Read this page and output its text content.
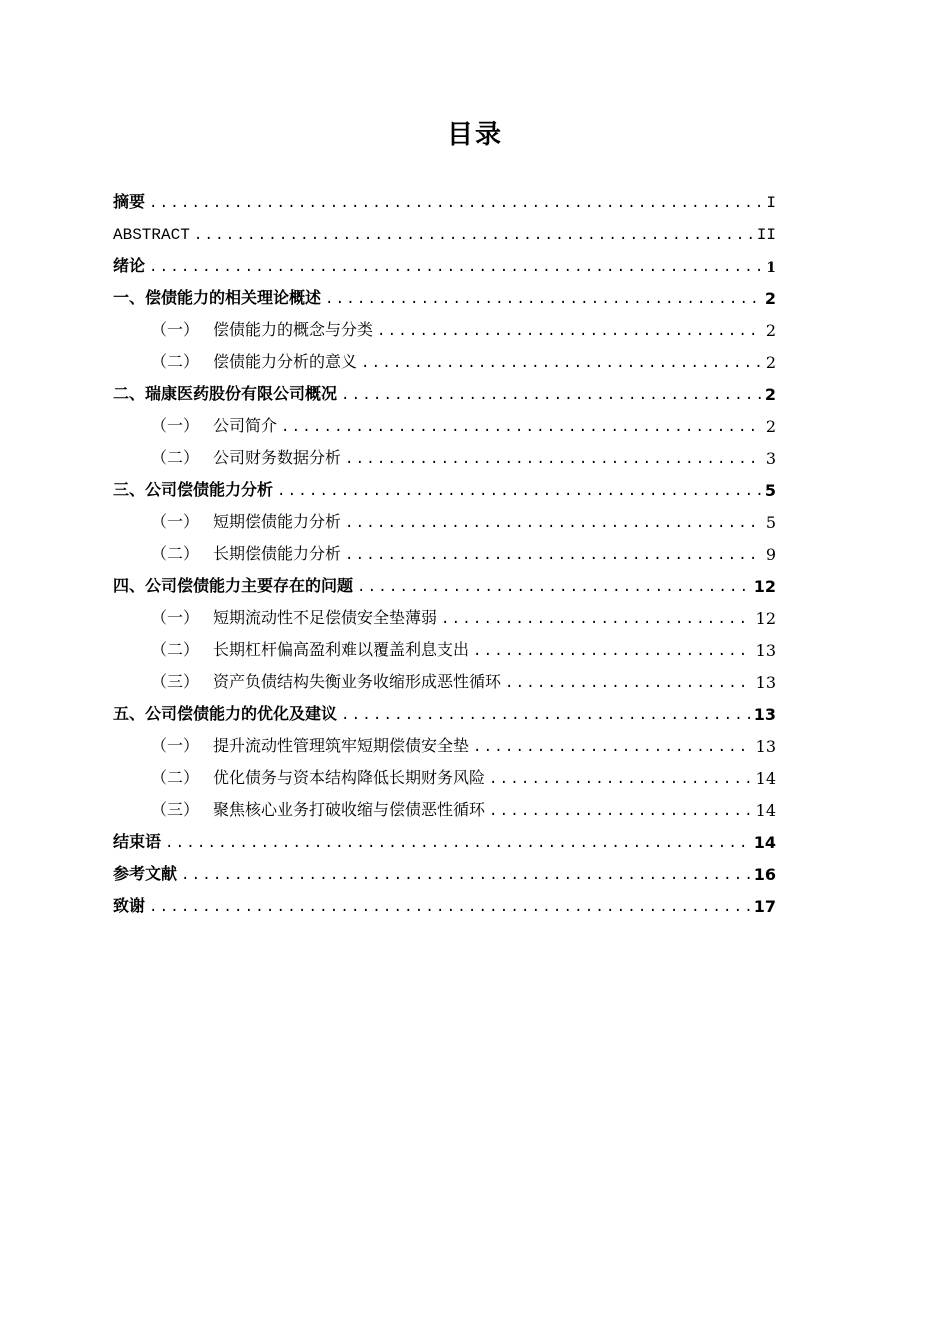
目录
摘要 .....	I
ABSTRACT .....	II
绪论 .....	1
一、偿债能力的相关理论概述 .....	2
（一） 偿债能力的概念与分类 .....	2
（二） 偿债能力分析的意义 .....	2
二、瑞康医药股份有限公司概况 .....	2
（一） 公司简介 .....	2
（二） 公司财务数据分析 .....	3
三、公司偿债能力分析 .....	5
（一） 短期偿债能力分析 .....	5
（二） 长期偿债能力分析 .....	9
四、公司偿债能力主要存在的问题 .....	12
（一） 短期流动性不足偿债安全垫薄弱 .....	12
（二） 长期杠杆偏高盈利难以覆盖利息支出 .....	13
（三） 资产负债结构失衡业务收缩形成恶性循环 .....	13
五、公司偿债能力的优化及建议 .....	13
（一） 提升流动性管理筑牢短期偿债安全垫 .....	13
（二） 优化债务与资本结构降低长期财务风险 .....	14
（三） 聚焦核心业务打破收缩与偿债恶性循环 .....	14
结束语 .....	14
参考文献 .....	16
致谢 .....	17
